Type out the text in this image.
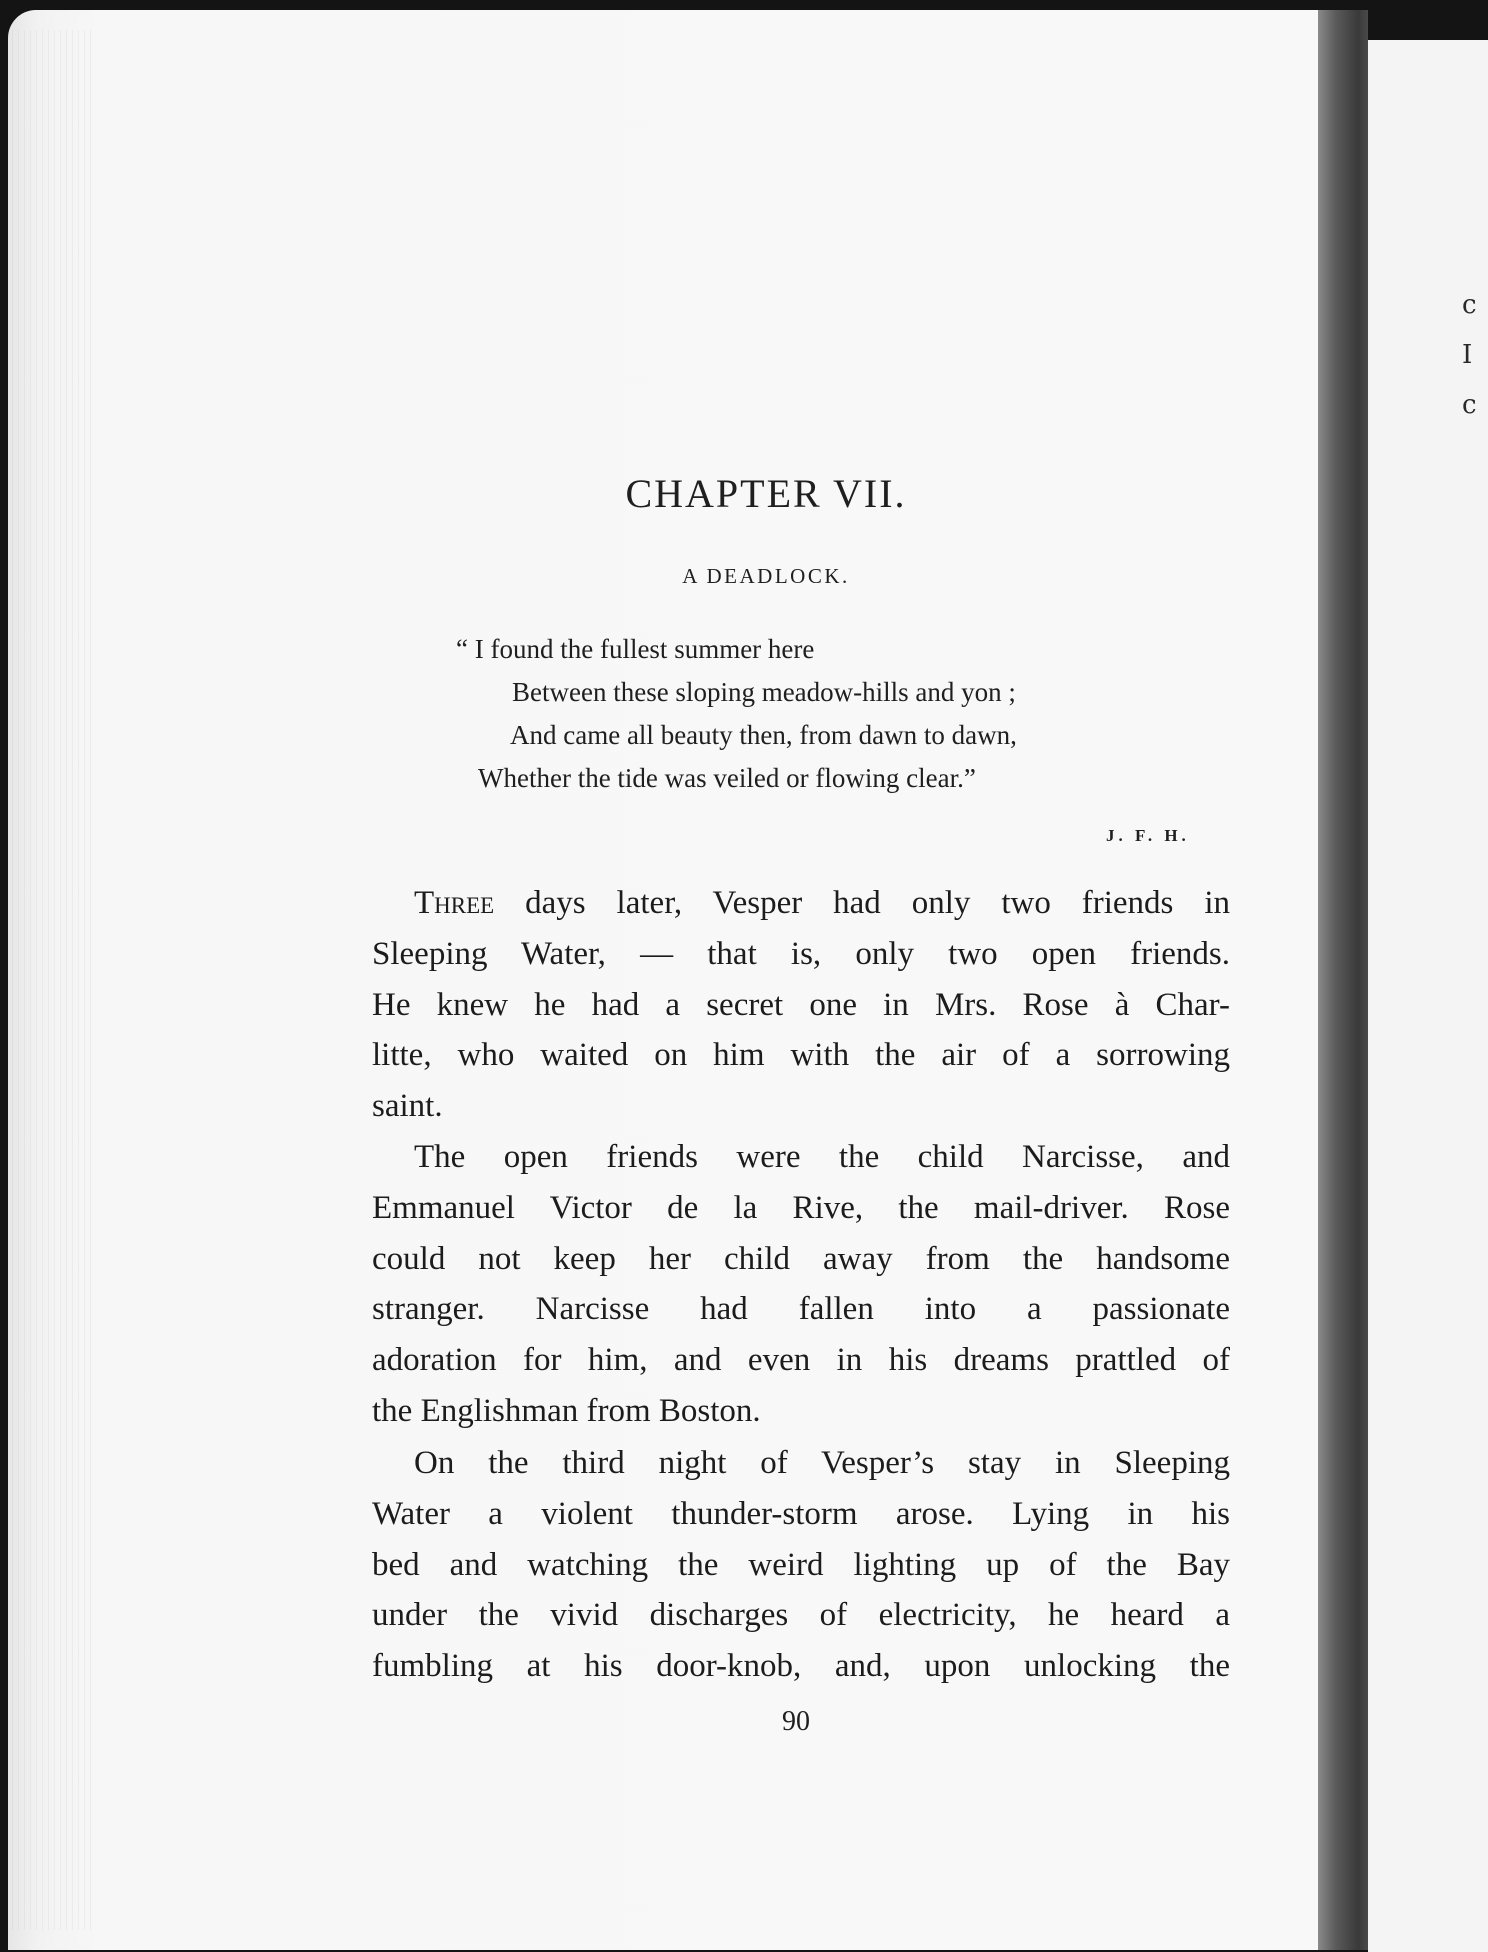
c
I
c
CHAPTER VII.
A DEADLOCK.
“ I found the fullest summer here
Between these sloping meadow-hills and yon ;
And came all beauty then, from dawn to dawn,
Whether the tide was veiled or flowing clear.”
J. F. H.
Three days later, Vesper had only two friends in
Sleeping Water, — that is, only two open friends.
He knew he had a secret one in Mrs. Rose à Char-
litte, who waited on him with the air of a sorrowing
saint.
The open friends were the child Narcisse, and
Emmanuel Victor de la Rive, the mail-driver. Rose
could not keep her child away from the handsome
stranger. Narcisse had fallen into a passionate
adoration for him, and even in his dreams prattled of
the Englishman from Boston.
On the third night of Vesper’s stay in Sleeping
Water a violent thunder-storm arose. Lying in his
bed and watching the weird lighting up of the Bay
under the vivid discharges of electricity, he heard a
fumbling at his door-knob, and, upon unlocking the
90
